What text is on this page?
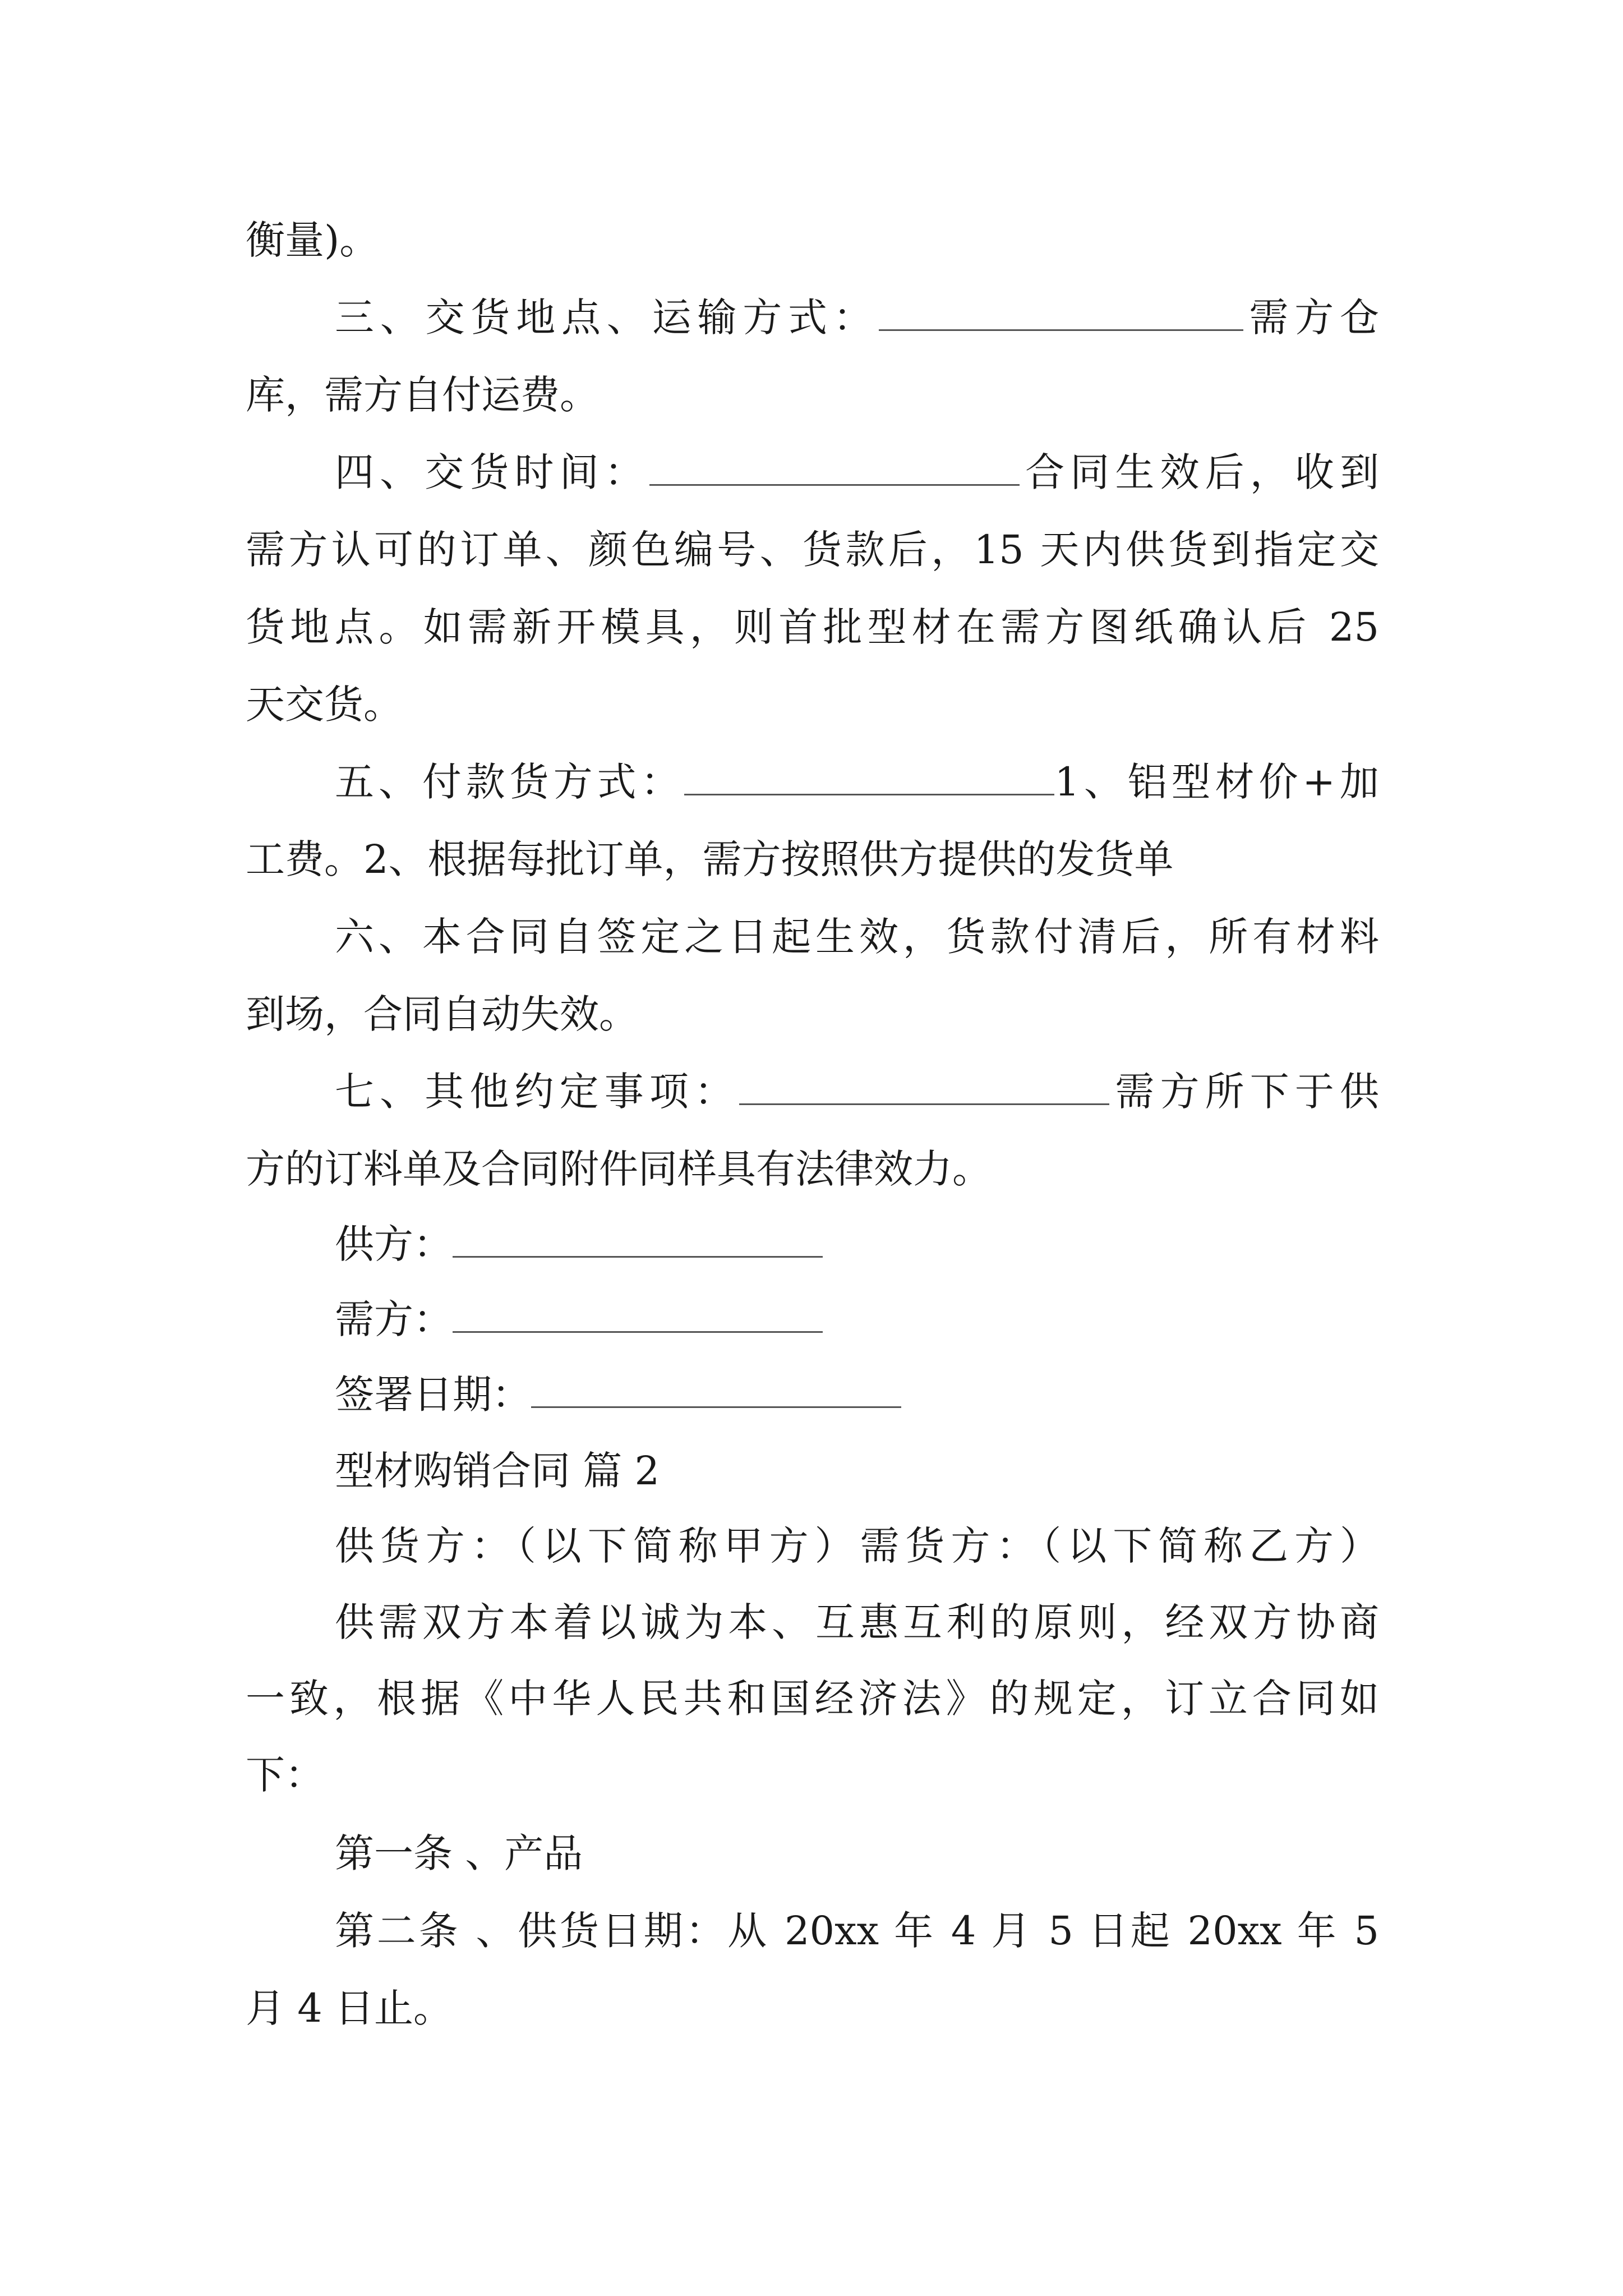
衡量)。
三、交货地点、运输方式：	需方仓
库，需方自付运费。
四、交货时间：	合同生效后，收到
需方认可的订单、颜色编号、货款后，15 天内供货到指定交
货地点。如需新开模具，则首批型材在需方图纸确认后 25
天交货。
五、付款货方式：	1、铝型材价+加
工费。2、根据每批订单，需方按照供方提供的发货单
六、本合同自签定之日起生效，货款付清后，所有材料
到场，合同自动失效。
七、其他约定事项：	需方所下于供
方的订料单及合同附件同样具有法律效力。
供方：
需方：
签署日期：
型材购销合同 篇 2
供货方：（以下简称甲方）需货方：（以下简称乙方）
供需双方本着以诚为本、互惠互利的原则，经双方协商
一致，根据《中华人民共和国经济法》的规定，订立合同如
下：
第一条 、产品
第二条 、供货日期：从 20xx 年 4 月 5 日起 20xx 年 5
月 4 日止。
